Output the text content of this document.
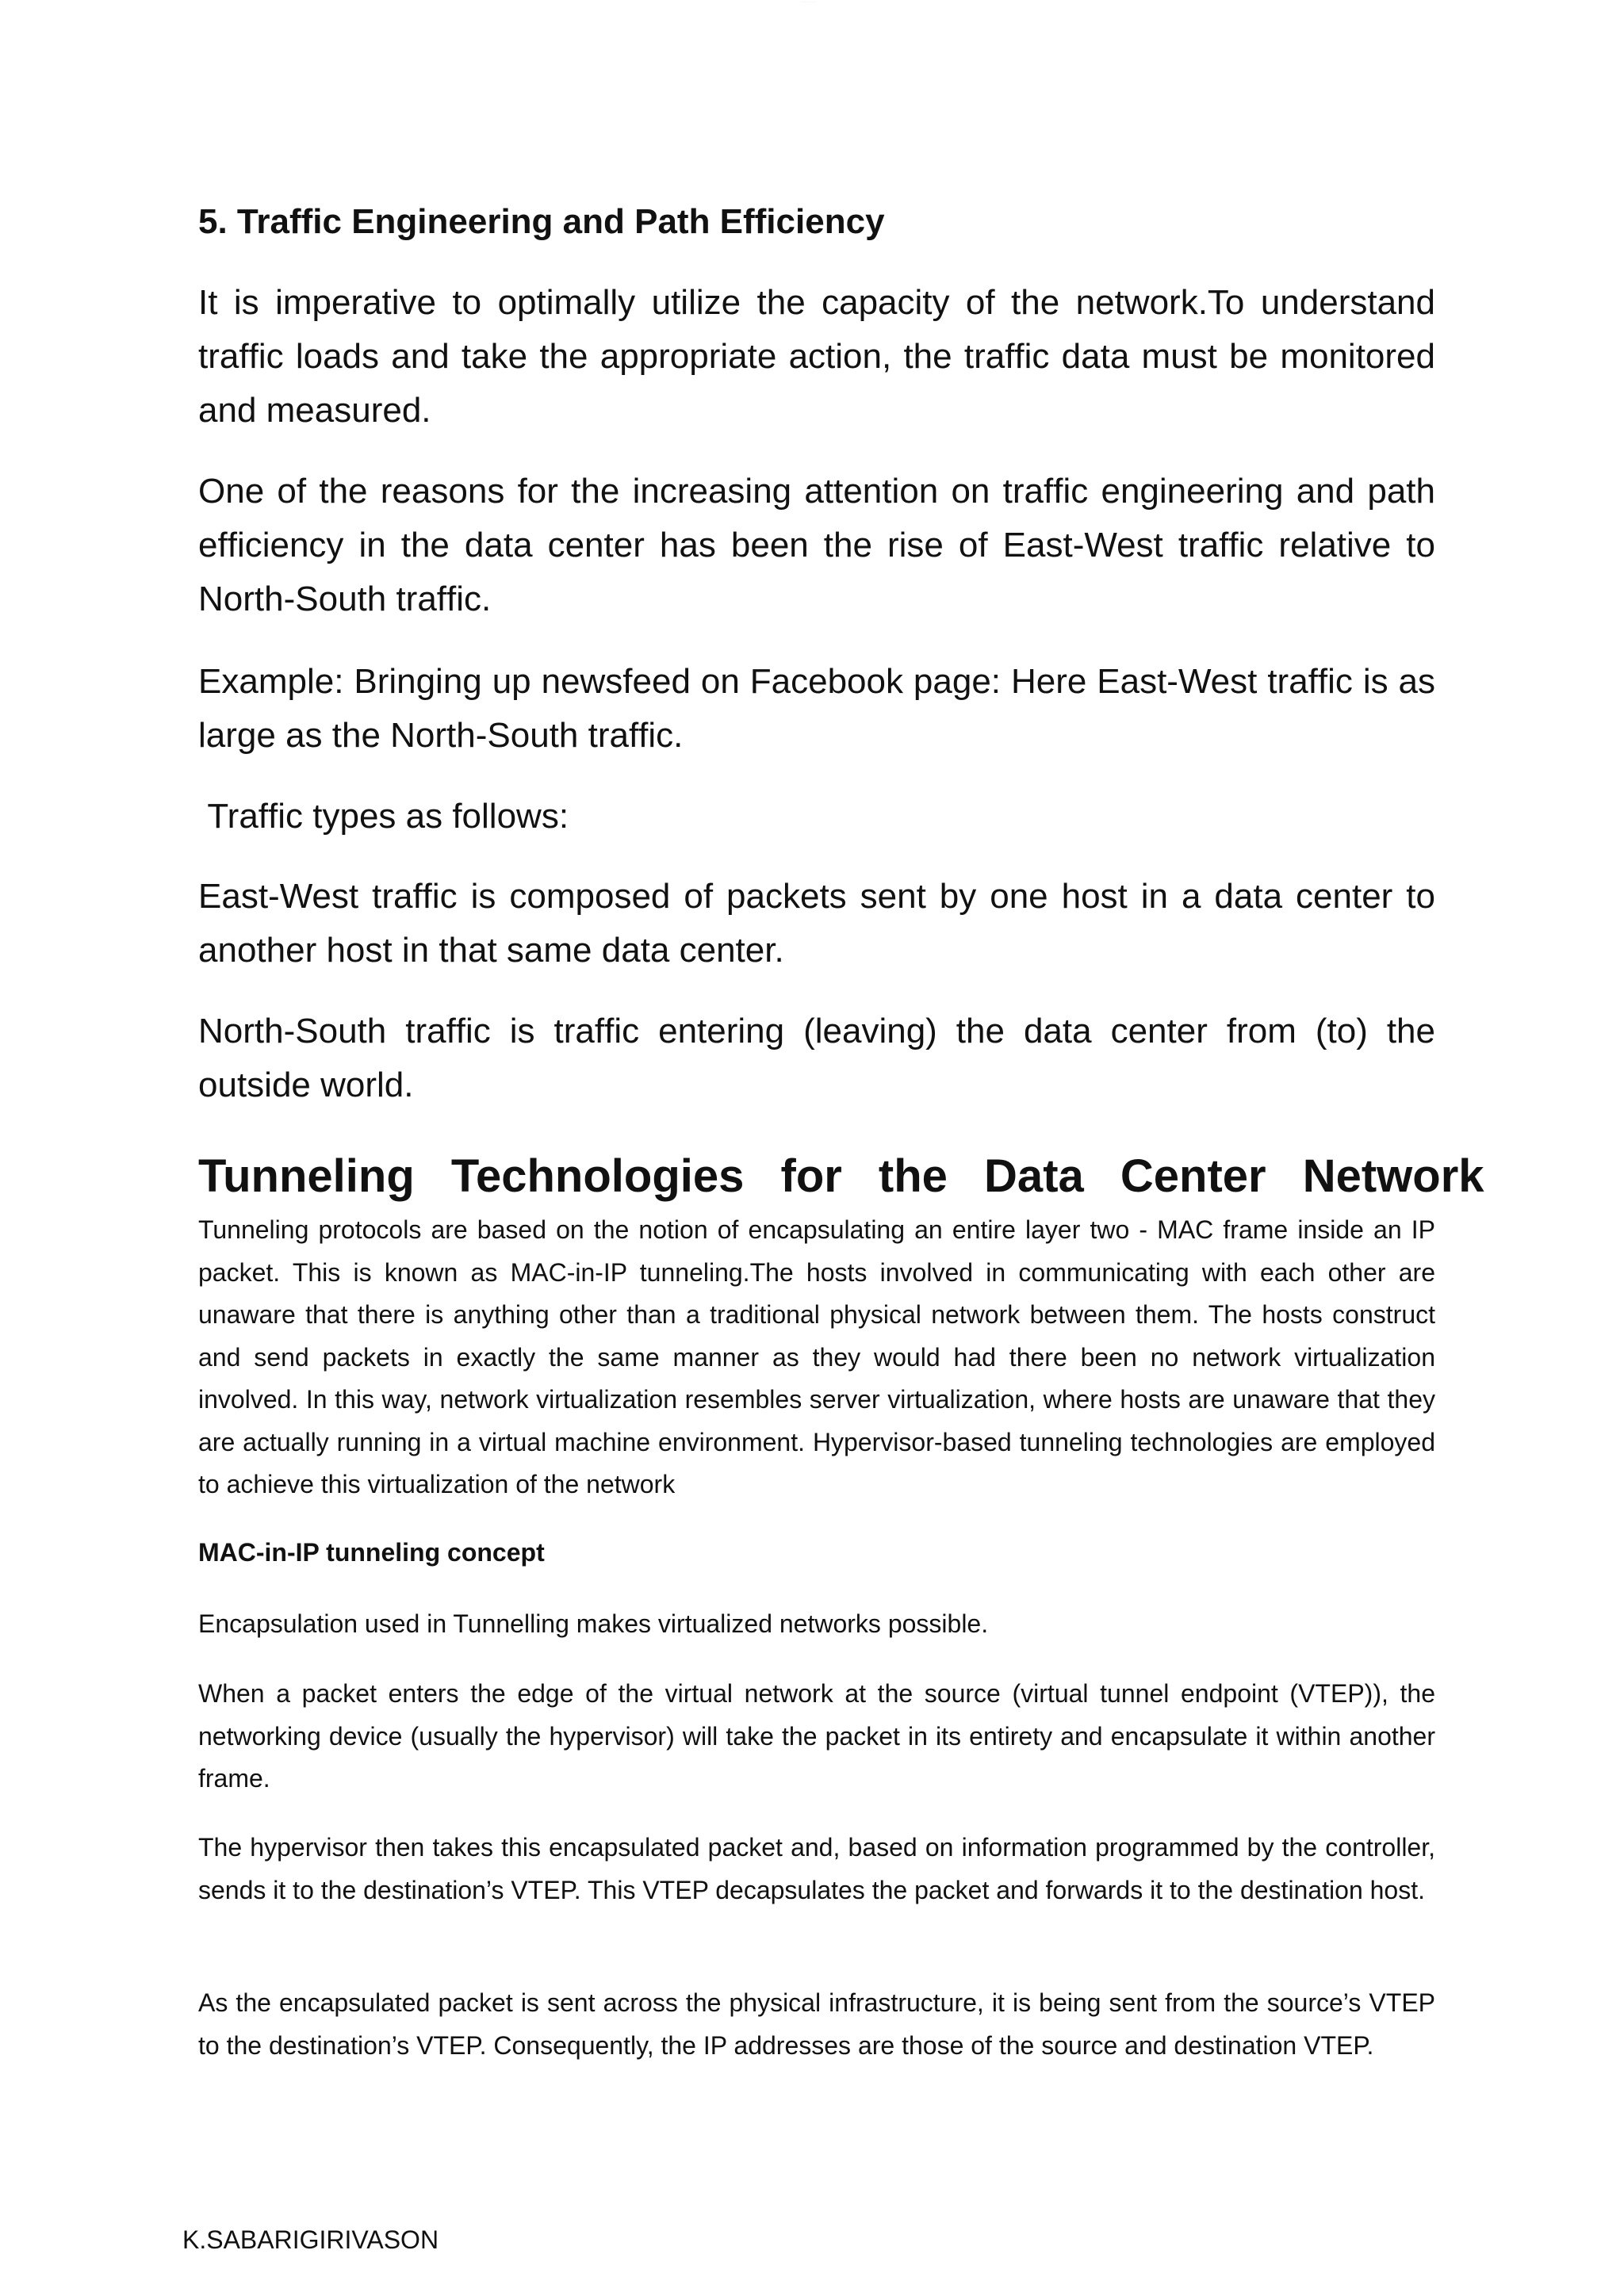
· · · · · · · ·
5. Trafﬁc Engineering and Path Efﬁciency

It is imperative to optimally utilize the capacity of the network.To understand trafﬁc loads and take the appropriate action, the trafﬁc data must be monitored and measured.

One of the reasons for the increasing attention on trafﬁc engineering and path efﬁciency in the data center has been the rise of East-West trafﬁc relative to North-South trafﬁc.

Example: Bringing up newsfeed on Facebook page: Here East-West trafﬁc is as large as the North-South trafﬁc.

Trafﬁc types as follows:

East-West trafﬁc is composed of packets sent by one host in a data center to another host in that same data center.

North-South trafﬁc is trafﬁc entering (leaving) the data center from (to) the outside world.

Tunneling Technologies for the Data Center Network

Tunneling protocols are based on the notion of encapsulating an entire layer two - MAC frame inside an IP packet. This is known as MAC-in-IP tunneling.The hosts involved in communicating with each other are unaware that there is anything other than a traditional physical network between them. The hosts construct and send packets in exactly the same manner as they would had there been no network virtualization involved. In this way, network virtualization resembles server virtualization, where hosts are unaware that they are actually running in a virtual machine environment. Hypervisor-based tunneling technologies are employed to achieve this virtualization of the network

MAC-in-IP tunneling concept

Encapsulation used in Tunnelling makes virtualized networks possible.

When a packet enters the edge of the virtual network at the source (virtual tunnel endpoint (VTEP)), the networking device (usually the hypervisor) will take the packet in its entirety and encapsulate it within another frame.

The hypervisor then takes this encapsulated packet and, based on information programmed by the controller, sends it to the destination’s VTEP. This VTEP decapsulates the packet and forwards it to the destination host.

As the encapsulated packet is sent across the physical infrastructure, it is being sent from the source’s VTEP to the destination’s VTEP. Consequently, the IP addresses are those of the source and destination VTEP.

K.SABARIGIRIVASON
